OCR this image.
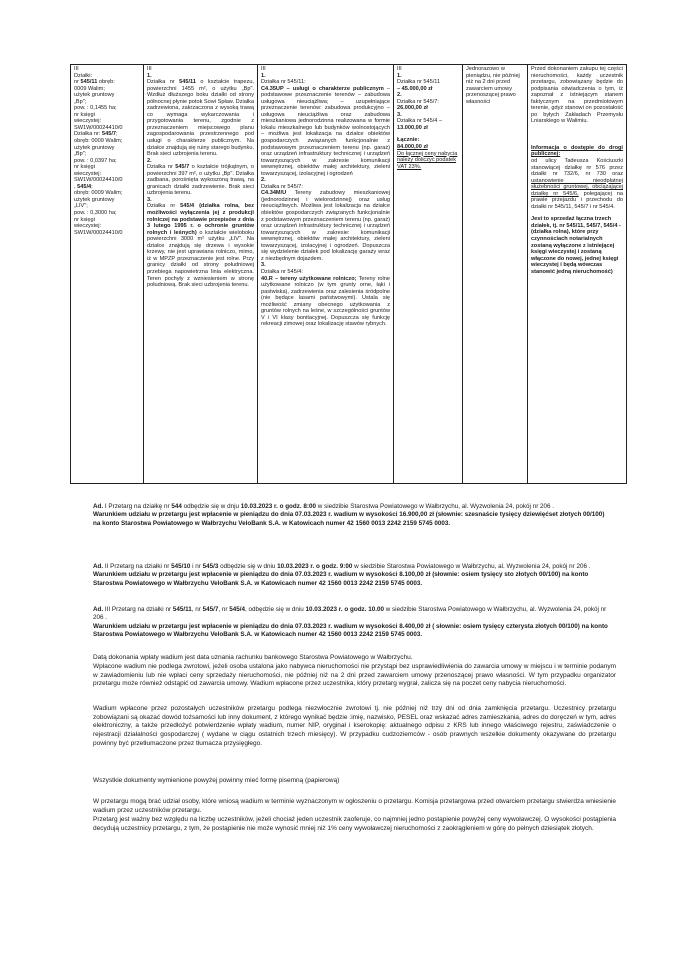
III
Działki:
nr 545/11 obręb:
0009 Walim;
użytek gruntowy
„Bp";
pow. : 0,1455 ha;
nr księgi
wieczystej:
SW1W/00024410/0
Działka nr: 545/7;
obręb: 0009 Walim;
użytek gruntowy
„Bp";
pow. : 0,0397 ha;
nr księgi
wieczystej:
SW1W/00024410/0
, 545/4;
obręb: 0009 Walim;
użytek gruntowy
„LIV";
pow. : 0,3000 ha;
nr księgi
wieczystej:
SW1W/00024410/0

III
1.
Działka nr 545/11 o kształcie trapezu, powierzchni 1455 m², o użytku „Bp". Wzdłuż dłuższego boku działki od strony północnej płynie potok Sowi Spław. Działka zadrzewiona, zakrzaczona z wysoką trawą co wymaga wykarczowania i przygotowania terenu, zgodnie z przeznaczeniem miejscowego planu zagospodarowania przestrzennego pod usługi o charakterze publicznym. Na działce znajdują się ruiny starego budynku. Brak sieci uzbrojenia terenu.
2.
Działka nr 545/7 o kształcie trójkątnym, o powierzchni 397 m², o użytku „Bp". Działka zadbana, porośnięta wykoszoną trawą, na granicach działki zadrzewienie. Brak sieci uzbrojenia terenu.
3.
Działka nr 545/4 (działka rolna, bez możliwości wyłączenia jej z produkcji rolniczej na podstawie przepisów z dnia 3 lutego 1995 r. o ochronie gruntów rolnych i leśnych) o kształcie wieloboku powierzchni 3000 m² użytku „ŁIV". Na działce znajdują się drzewa i wysokie krzewy, nie jest uprawiana rolniczo, mimo, iż w MPZP przeznaczenie jest rolne. Przy granicy działki od strony południowej przebiega napowietrzna linia elektryczna. Teren pochyły z wzniesieniem w stronę południową. Brak sieci uzbrojenia terenu.

III
1.
Działka nr 545/11:
C4.35UP – usługi o charakterze publicznym – podstawowe przeznaczenie terenów – zabudowa usługowa nieuciążliwa; – uzupełniające przeznaczenie terenów: zabudowa produkcyjno – usługowa nieuciążliwa oraz zabudowa mieszkaniowa jednorodzinna realizowana w formie lokalu mieszkalnego lub budynków wolnostojących – możliwa jest lokalizacja na działce obiektów gospodarczych związanych funkcjonalnie z podstawowym przeznaczeniem terenu (np. garaż) oraz urządzeń infrastruktury technicznej i urządzeń towarzyszących w zakresie komunikacji wewnętrznej, obiektów małej architektury, zieleni towarzyszącej, izolacyjnej i ogrodzeń
2.
Działka nr 545/7:
C4.34M/U Tereny zabudowy mieszkaniowej (jednorodzinnej i wielorodzinnej) oraz usług nieuciążliwych. Możliwa jest lokalizacja na działce obiektów gospodarczych związanych funkcjonalnie z podstawowym przeznaczeniem terenu (np. garaż) oraz urządzeń infrastruktury technicznej i urządzeń towarzyszących w zakresie: komunikacji wewnętrznej, obiektów małej architektury, zieleni towarzyszącej, izolacyjnej i ogrodzeń. Dopuszcza się wydzielenie działek pod lokalizację garaży wraz z niezbędnym dojazdem.
3.
Działka nr 545/4:
40.R – tereny użytkowane rolniczo; Tereny rolne użytkowane rolniczo (w tym grunty orne, łąki i pastwiska), zadrzewienia oraz zalesienia śródpolne (nie będące lasami państwowymi). Ustala się możliwość zmiany obecnego użytkowania z gruntów rolnych na leśne, w szczególności gruntów V i VI klasy bonitacyjnej. Dopuszcza się funkcję rekreacji zimowej oraz lokalizację stawów rybnych.

III
1.
Działka nr 545/11
– 45.000,00 zł
2.
Działka nr 545/7:
26.000,00 zł
3.
Działka nr 545/4 –
13.000,00 zł
Łącznie:
84.000,00 zł
Do łącznej ceny nabycia należy doliczyć podatek VAT 23%.

Jednorazowo w pieniądzu, nie później niż na 2 dni przed zawarciem umowy przenoszącej prawo własności

Przed dokonaniem zakupu tej części nieruchomości, każdy uczestnik przetargu, zobowiązany będzie do podpisania oświadczenia o tym, iż zapoznał z istniejącym stanem faktycznym na przedmiotowym terenie, gdyż stanowi on pozostałość po byłych Zakładach Przemysłu Lniarskiego w Walimiu.
Informacja o dostępie do drogi publicznej:
od ulicy Tadeusza Kościuszki stanowiącej działkę nr 576 przez działki nr 732/6, nr 730 oraz ustanowienie nieodpłatnej służebności gruntowej, obciążającej działkę nr 545/6, polegającej na prawie przejazdu i przechodu do działki nr 545/11, 545/7 i nr 545/4.
Jest to sprzedaż łączna trzech działek, tj. nr 545/11, 545/7, 545/4 - (działka rolna), które przy czynnościach notarialnych zostaną wyłączone z istniejącej księgi wieczystej i zostaną włączone do nowej, jednej księgi wieczystej i będą wówczas stanowić jedną nieruchomość)

Ad. I Przetarg na działkę nr 544 odbędzie się w dnju 10.03.2023 r. o godz. 8:00 w siedzibie Starostwa Powiatowego w Wałbrzychu, al. Wyzwolenia 24, pokój nr 206 .

Warunkiem udziału w przetargu jest wpłacenie w pieniądzu do dnia 07.03.2023 r. wadium w wysokości 16.900,00 zł (słownie: szesnaście tysięcy dziewięćset złotych 00/100) na konto Starostwa Powiatowego w Wałbrzychu VeloBank S.A. w Katowicach numer 42 1560 0013 2242 2159 5745 0003.

Ad. II Przetarg na działki nr 545/10 i nr 545/3 odbędzie się w dniu 10.03.2023 r. o godz. 9:00 w siedzibie Starostwa Powiatowego w Wałbrzychu, al. Wyzwolenia 24, pokój nr 206 .

Warunkiem udziału w przetargu jest wpłacenie w pieniądzu do dnia 07.03.2023 r. wadium w wysokości 8.100,00 zł (słownie: osiem tysięcy sto złotych 00/100) na konto Starostwa Powiatowego w Wałbrzychu VeloBank S.A. w Katowicach numer 42 1560 0013 2242 2159 5745 0003.

Ad. III Przetarg na działki nr 545/11, nr 545/7, nr 545/4, odbędzie się w dniu 10.03.2023 r. o godz. 10.00 w siedzibie Starostwa Powiatowego w Wałbrzychu, al. Wyzwolenia 24, pokój nr 206 .

Warunkiem udziału w przetargu jest wpłacenie w pieniądzu do dnia 07.03.2023 r. wadium w wysokości 8.400,00 zł ( słownie: osiem tysięcy czterysta złotych 00/100) na konto Starostwa Powiatowego w Wałbrzychu VeloBank S.A. w Katowicach numer 42 1560 0013 2242 2159 5745 0003.

Datą dokonania wpłaty wadium jest data uznania rachunku bankowego Starostwa Powiatowego w Wałbrzychu.

Wpłacone wadium nie podlega zwrotowi, jeżeli osoba ustalona jako nabywca nieruchomości nie przystąpi bez usprawiedliwienia do zawarcia umowy w miejscu i w terminie podanym w zawiadomieniu lub nie wpłaci ceny sprzedaży nieruchomości, nie później niż na 2 dni przed zawarciem umowy przenoszącej prawo własności. W tym przypadku organizator przetargu może również odstąpić od zawarcia umowy. Wadium wpłacone przez uczestnika, który przetarg wygrał, zalicza się na poczet ceny nabycia nieruchomości.

Wadium wpłacone przez pozostałych uczestników przetargu podlega niezwłocznie zwrotowi tj. nie później niż trzy dni od dnia zamknięcia przetargu. Uczestnicy przetargu zobowiązani są okazać dowód tożsamości lub inny dokument, z którego wynikać będzie :imię, nazwisko, PESEL oraz wskazać adres zamieszkania, adres do doręczeń w tym, adres elektroniczny, a także przedłożyć potwierdzenie wpłaty wadium, numer NIP, oryginał i kserokopię: aktualnego odpisu z KRS lub innego właściwego rejestru, zaświadczenie o rejestracji działalności gospodarczej ( wydane w ciągu ostatnich trzech miesięcy). W przypadku cudzoziemców - osób prawnych wszelkie dokumenty okazywane do przetargu powinny być przetłumaczone przez tłumacza przysięgłego.

Wszystkie dokumenty wymienione powyżej powinny mieć formę pisemną (papierową)

W przetargu mogą brać udział osoby, które wniosą wadium w terminie wyznaczonym w ogłoszeniu o przetargu. Komisja przetargowa przed otwarciem przetargu stwierdza wniesienie wadium przez uczestników przetargu.

Przetarg jest ważny bez względu na liczbę uczestników, jeżeli chociaż jeden uczestnik zaoferuje, co najmniej jedno postąpienie powyżej ceny wywoławczej. O wysokości postąpienia decydują uczestnicy przetargu, z tym, że postąpienie nie może wynosić mniej niż 1% ceny wywoławczej nieruchomości z zaokrągleniem w górę do pełnych dziesiątek złotych.
